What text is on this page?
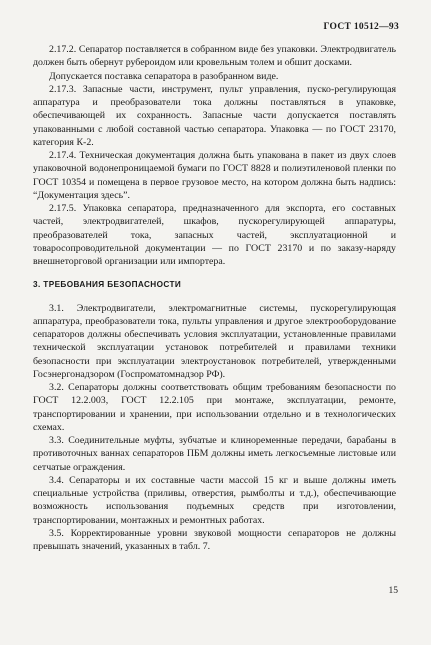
ГОСТ 10512—93

2.17.2. Сепаратор поставляется в собранном виде без упаковки. Электродвигатель должен быть обернут рубероидом или кровельным толем и обшит досками.

Допускается поставка сепаратора в разобранном виде.

2.17.3. Запасные части, инструмент, пульт управления, пуско-регулирующая аппаратура и преобразователи тока должны поставляться в упаковке, обеспечивающей их сохранность. Запасные части допускается поставлять упакованными с любой составной частью сепаратора. Упаковка — по ГОСТ 23170, категория К-2.

2.17.4. Техническая документация должна быть упакована в пакет из двух слоев упаковочной водонепроницаемой бумаги по ГОСТ 8828 и полиэтиленовой пленки по ГОСТ 10354 и помещена в первое грузовое место, на котором должна быть надпись: “Документация здесь”.

2.17.5. Упаковка сепаратора, предназначенного для экспорта, его составных частей, электродвигателей, шкафов, пускорегулирующей аппаратуры, преобразователей тока, запасных частей, эксплуатационной и товаросопроводительной документации — по ГОСТ 23170 и по заказу-наряду внешнеторговой организации или импортера.

3. ТРЕБОВАНИЯ БЕЗОПАСНОСТИ

3.1. Электродвигатели, электромагнитные системы, пускорегулирующая аппаратура, преобразователи тока, пульты управления и другое электрооборудование сепараторов должны обеспечивать условия эксплуатации, установленные правилами технической эксплуатации установок потребителей и правилами техники безопасности при эксплуатации электроустановок потребителей, утвержденными Госэнергонадзором (Госпроматомнадзор РФ).

3.2. Сепараторы должны соответствовать общим требованиям безопасности по ГОСТ 12.2.003, ГОСТ 12.2.105 при монтаже, эксплуатации, ремонте, транспортировании и хранении, при использовании отдельно и в технологических схемах.

3.3. Соединительные муфты, зубчатые и клиноременные передачи, барабаны в противоточных ваннах сепараторов ПБМ должны иметь легкосъемные листовые или сетчатые ограждения.

3.4. Сепараторы и их составные части массой 15 кг и выше должны иметь специальные устройства (приливы, отверстия, рымболты и т.д.), обеспечивающие возможность использования подъемных средств при изготовлении, транспортировании, монтажных и ремонтных работах.

3.5. Корректированные уровни звуковой мощности сепараторов не должны превышать значений, указанных в табл. 7.

15
